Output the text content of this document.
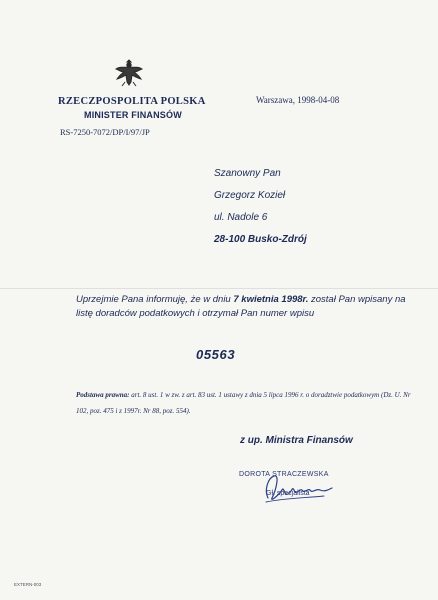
RZECZPOSPOLITA POLSKA
MINISTER FINANSÓW
RS-7250-7072/DP/I/97/JP
Warszawa, 1998-04-08
Szanowny Pan
Grzegorz Kozieł
ul. Nadole 6
28-100 Busko-Zdrój
Uprzejmie Pana informuję, że w dniu 7 kwietnia 1998r. został Pan wpisany na listę doradców podatkowych i otrzymał Pan numer wpisu
05563
Podstawa prawna: art. 8 ust. 1 w zw. z art. 83 ust. 1 ustawy z dnia 5 lipca 1996 r. o doradztwie podatkowym (Dz. U. Nr 102, poz. 475 i z 1997r. Nr 88, poz. 554).
z up. Ministra Finansów
DOROTA STRACZEWSKA
Gł. specjalista
EXTERN-003
